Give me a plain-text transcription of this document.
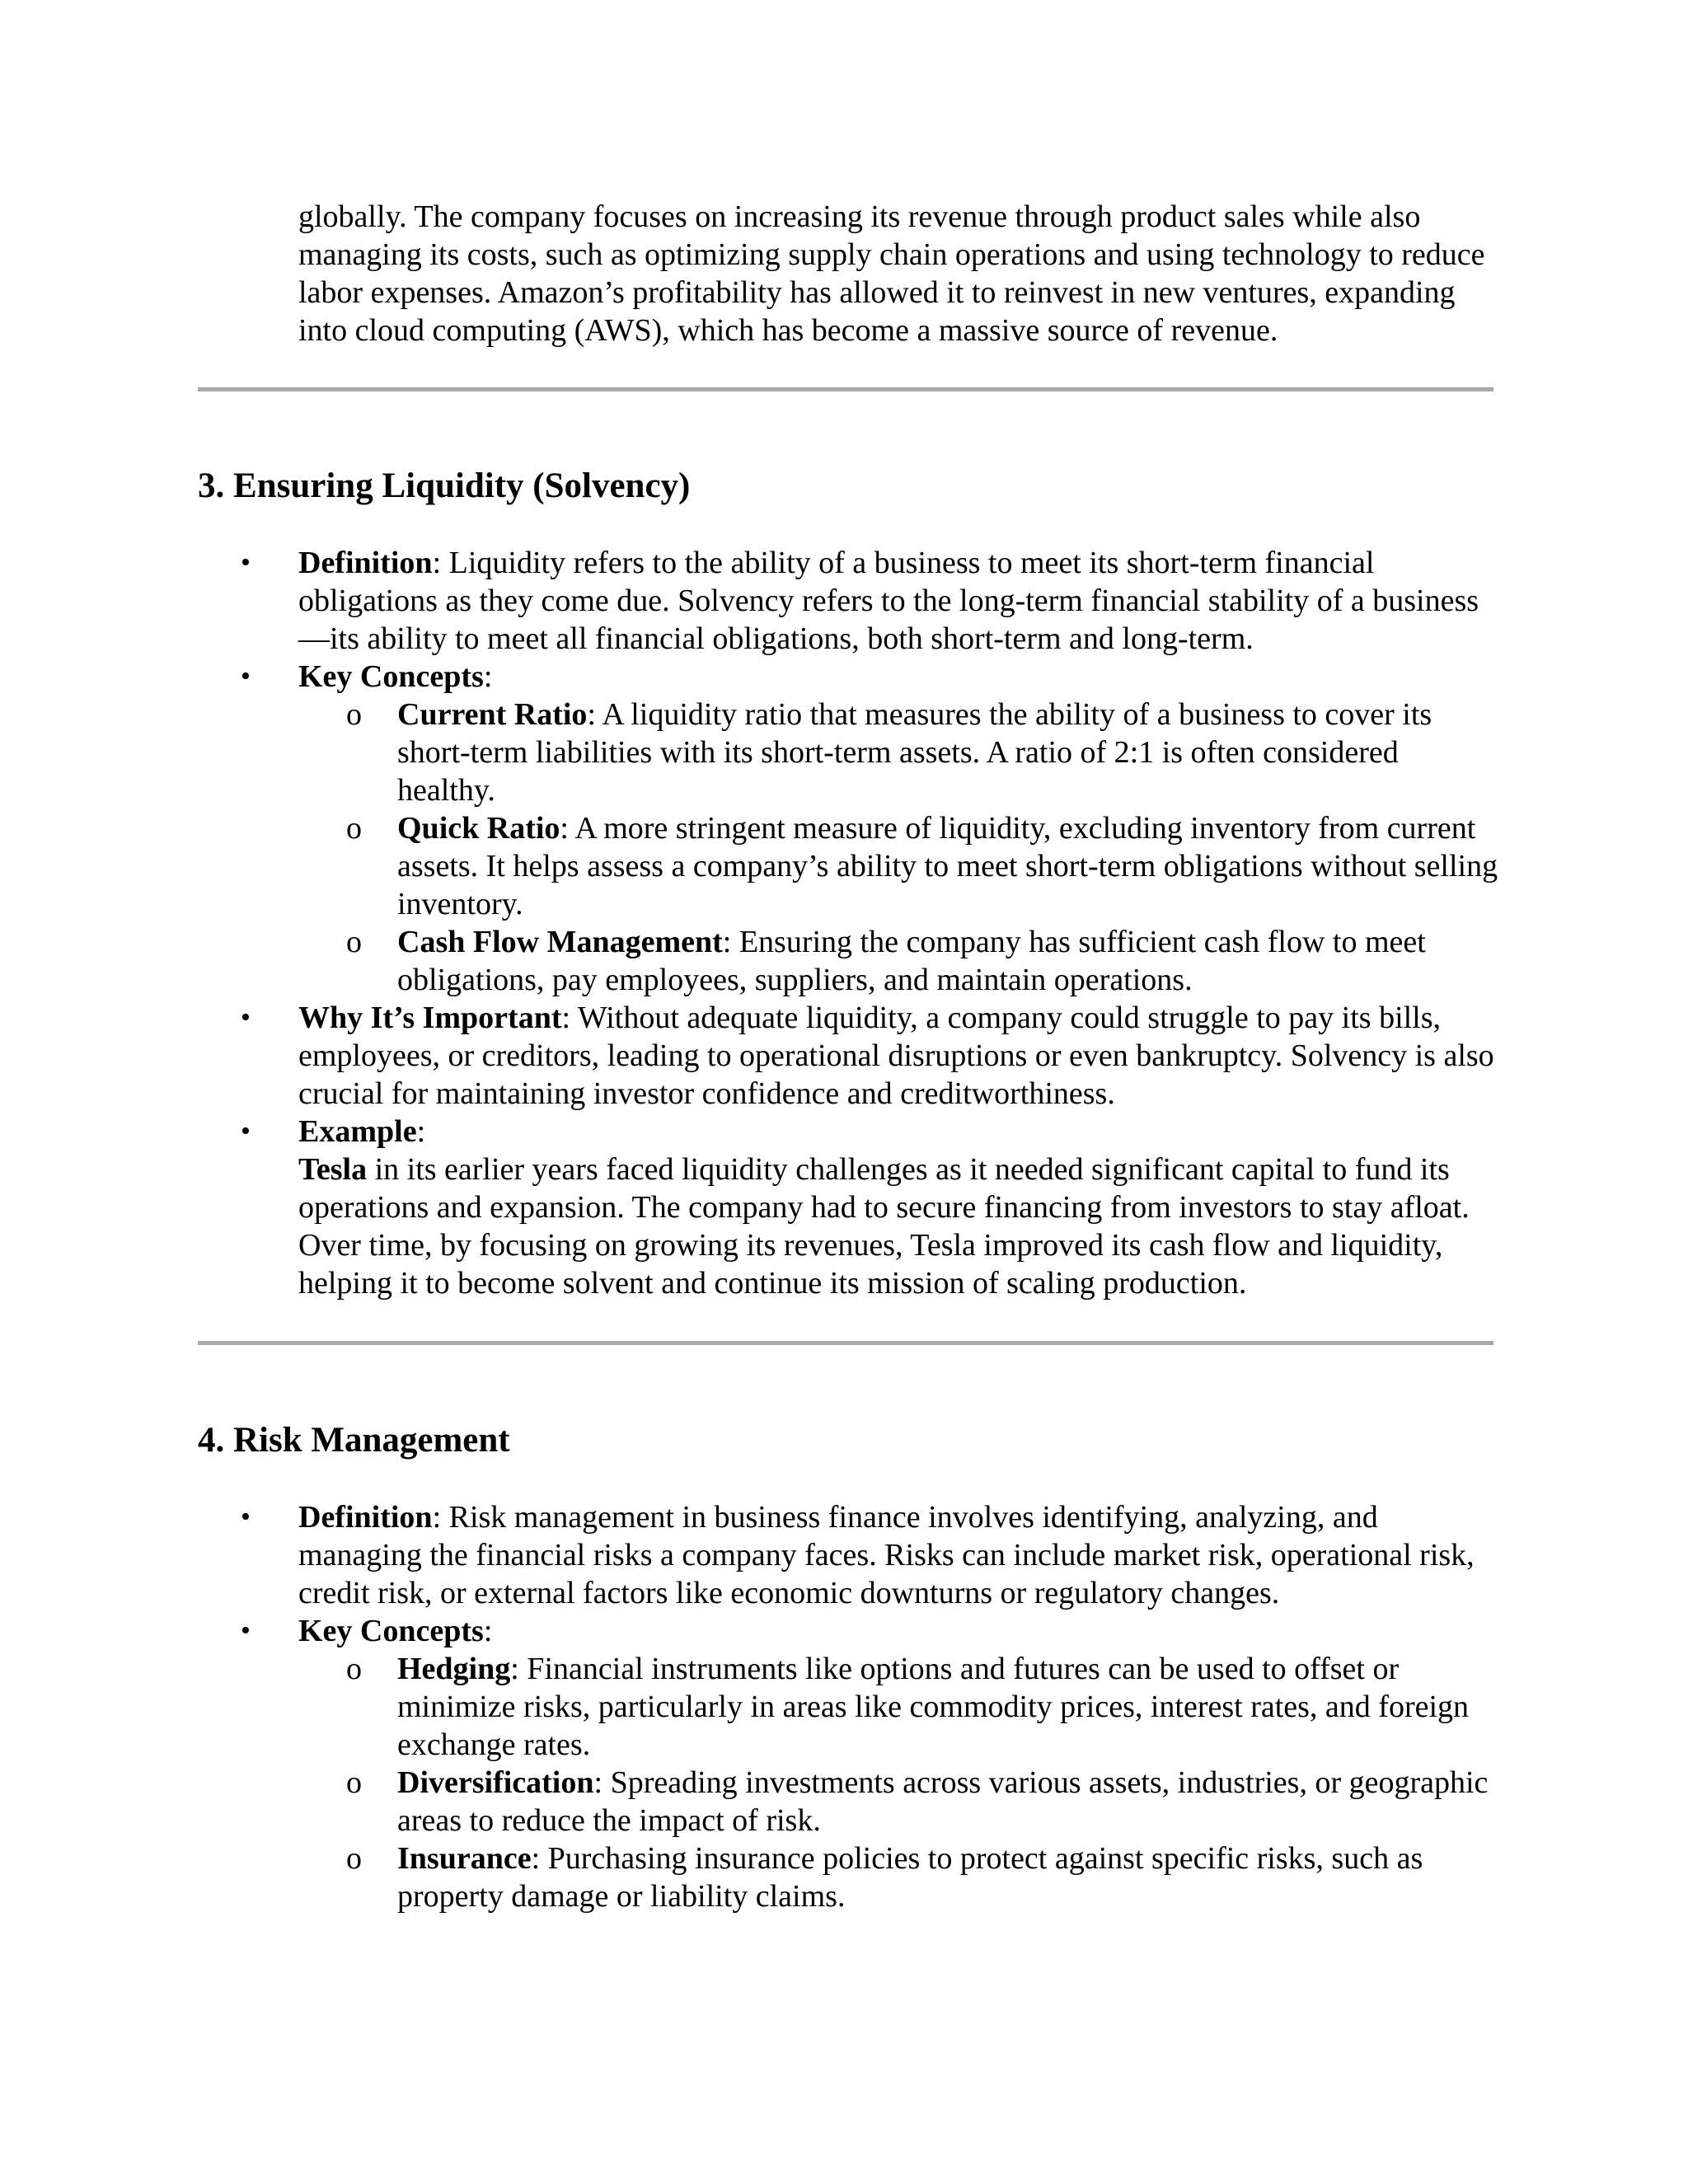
globally. The company focuses on increasing its revenue through product sales while also managing its costs, such as optimizing supply chain operations and using technology to reduce labor expenses. Amazon’s profitability has allowed it to reinvest in new ventures, expanding into cloud computing (AWS), which has become a massive source of revenue.

3. Ensuring Liquidity (Solvency)
• Definition: Liquidity refers to the ability of a business to meet its short-term financial obligations as they come due. Solvency refers to the long-term financial stability of a business—its ability to meet all financial obligations, both short-term and long-term.
• Key Concepts:
o Current Ratio: A liquidity ratio that measures the ability of a business to cover its short-term liabilities with its short-term assets. A ratio of 2:1 is often considered healthy.
o Quick Ratio: A more stringent measure of liquidity, excluding inventory from current assets. It helps assess a company’s ability to meet short-term obligations without selling inventory.
o Cash Flow Management: Ensuring the company has sufficient cash flow to meet obligations, pay employees, suppliers, and maintain operations.
• Why It’s Important: Without adequate liquidity, a company could struggle to pay its bills, employees, or creditors, leading to operational disruptions or even bankruptcy. Solvency is also crucial for maintaining investor confidence and creditworthiness.
• Example:
Tesla in its earlier years faced liquidity challenges as it needed significant capital to fund its operations and expansion. The company had to secure financing from investors to stay afloat. Over time, by focusing on growing its revenues, Tesla improved its cash flow and liquidity, helping it to become solvent and continue its mission of scaling production.
4. Risk Management
• Definition: Risk management in business finance involves identifying, analyzing, and managing the financial risks a company faces. Risks can include market risk, operational risk, credit risk, or external factors like economic downturns or regulatory changes.
• Key Concepts:
o Hedging: Financial instruments like options and futures can be used to offset or minimize risks, particularly in areas like commodity prices, interest rates, and foreign exchange rates.
o Diversification: Spreading investments across various assets, industries, or geographic areas to reduce the impact of risk.
o Insurance: Purchasing insurance policies to protect against specific risks, such as property damage or liability claims.
